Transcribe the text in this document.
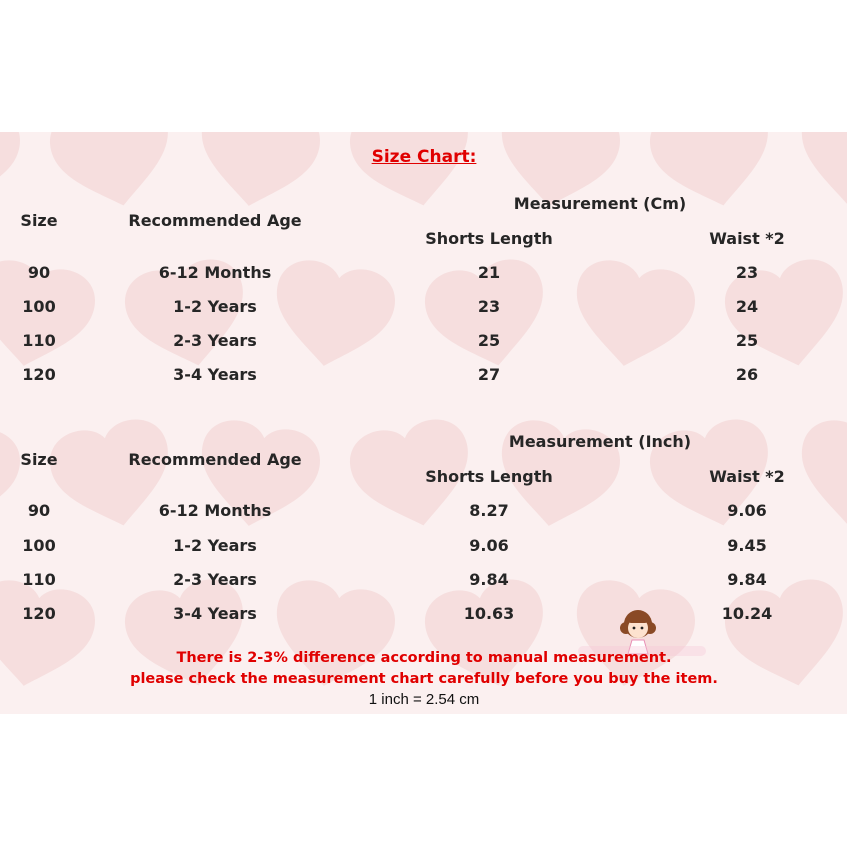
Size Chart:
Measurement (Cm)
Size	Recommended Age
Shorts Length	Waist *2
90	6-12 Months	21	23
100	1-2 Years	23	24
110	2-3 Years	25	25
120	3-4 Years	27	26
Measurement (Inch)
Size	Recommended Age
Shorts Length	Waist *2
90	6-12 Months	8.27	9.06
100	1-2 Years	9.06	9.45
110	2-3 Years	9.84	9.84
120	3-4 Years	10.63	10.24
There is 2-3% difference according to manual measurement.
please check the measurement chart carefully before you buy the item.
1 inch = 2.54 cm
